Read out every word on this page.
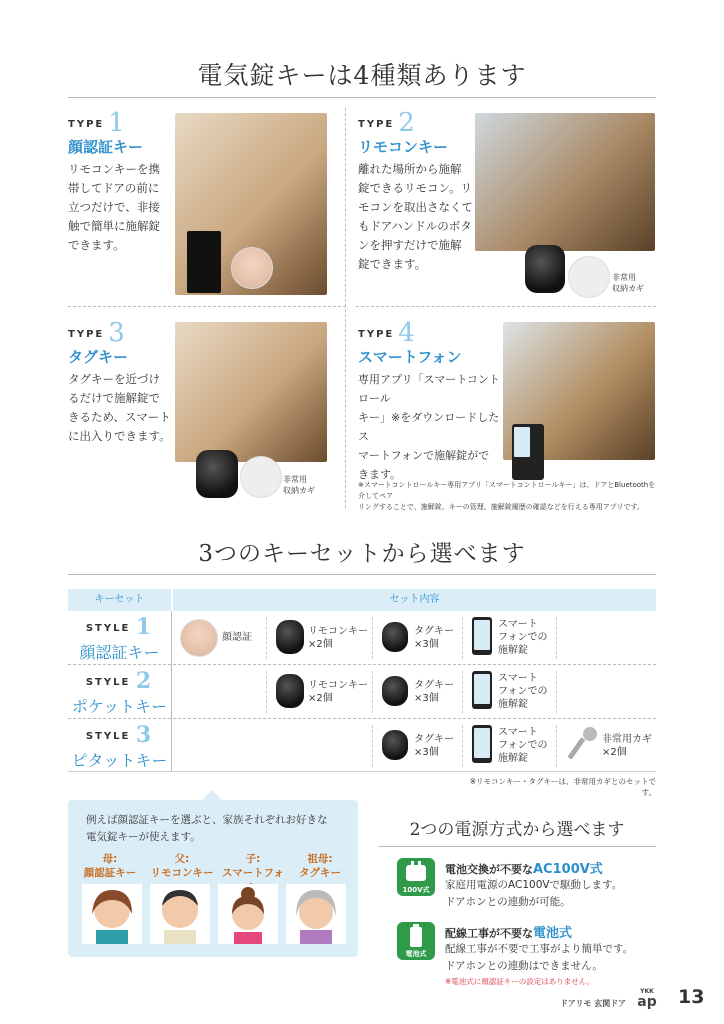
電気錠キーは4種類あります
TYPE 1
顔認証キー
リモコンキーを携
帯してドアの前に
立つだけで、非接
触で簡単に施解錠
できます。
TYPE 2
リモコンキー
離れた場所から施解
錠できるリモコン。リ
モコンを取出さなくて
もドアハンドルのボタ
ンを押すだけで施解
錠できます。
非常用
収納カギ
TYPE 3
タグキー
タグキーを近づけ
るだけで施解錠で
きるため、スマート
に出入りできます。
非常用
収納カギ
TYPE 4
スマートフォン
専用アプリ「スマートコントロール
キー」※をダウンロードしたス
マートフォンで施解錠がで
きます。
※スマートコントロールキー専用アプリ「スマートコントロールキー」は、ドアとBluetoothを介してペア
リングすることで、施解錠、キーの管理、施解錠履歴の確認などを行える専用アプリです。
3つのキーセットから選べます
キーセット	セット内容
STYLE 1
顔認証キー
STYLE 2
ポケットキー
STYLE 3
ピタットキー
顔認証
リモコンキー
×2個
タグキー
×3個
スマート
フォンでの
施解錠
リモコンキー
×2個
タグキー
×3個
スマート
フォンでの
施解錠
タグキー
×3個
スマート
フォンでの
施解錠
非常用カギ
×2個
※リモコンキー・タグキーは、非常用カギとのセットです。
例えば顔認証キーを選ぶと、家族それぞれお好きな
電気錠キーが使えます。
母:
顔認証キー
父:
リモコンキー
子:
スマートフォ
祖母:
タグキー
2つの電源方式から選べます
100V式
電池交換が不要なAC100V式
家庭用電源のAC100Vで駆動します。
ドアホンとの連動が可能。
電池式
配線工事が不要な電池式
配線工事が不要で工事がより簡単です。
ドアホンとの連動はできません。
※電池式に顔認証キーの設定はありません。
ドアリモ 玄関ドア
YKK
ap 13
